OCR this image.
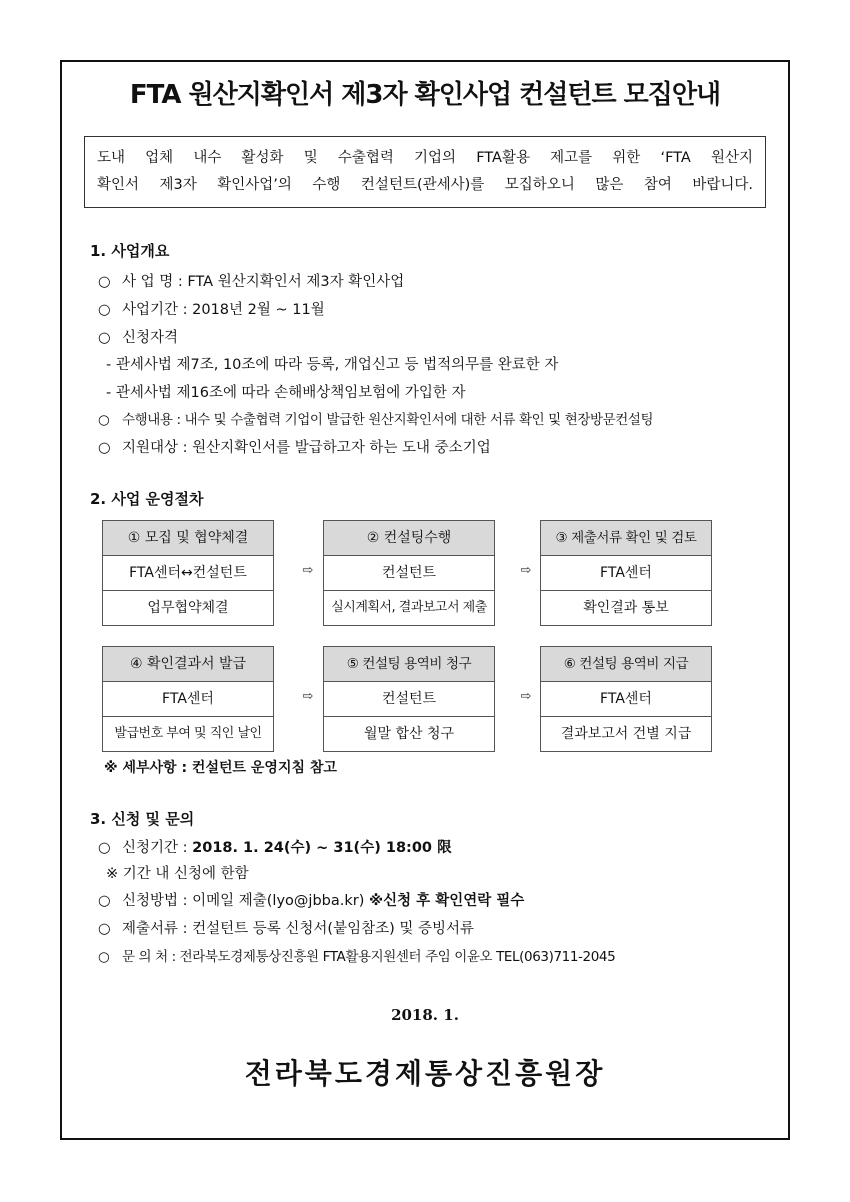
FTA 원산지확인서 제3자 확인사업 컨설턴트 모집안내
도내 업체 내수 활성화 및 수출협력 기업의 FTA활용 제고를 위한 ‘FTA 원산지
확인서 제3자 확인사업’의 수행 컨설턴트(관세사)를 모집하오니 많은 참여 바랍니다.
1. 사업개요
○ 사 업 명 : FTA 원산지확인서 제3자 확인사업
○ 사업기간 : 2018년 2월 ~ 11월
○ 신청자격
- 관세사법 제7조, 10조에 따라 등록, 개업신고 등 법적의무를 완료한 자
- 관세사법 제16조에 따라 손해배상책임보험에 가입한 자
○ 수행내용 : 내수 및 수출협력 기업이 발급한 원산지확인서에 대한 서류 확인 및 현장방문컨설팅
○ 지원대상 : 원산지확인서를 발급하고자 하는 도내 중소기업
2. 사업 운영절차
① 모집 및 협약체결
FTA센터↔컨설턴트
업무협약체결
⇨
② 컨설팅수행
컨설턴트
실시계획서, 결과보고서 제출
⇨
③ 제출서류 확인 및 검토
FTA센터
확인결과 통보
④ 확인결과서 발급
FTA센터
발급번호 부여 및 직인 날인
⇨
⑤ 컨설팅 용역비 청구
컨설턴트
월말 합산 청구
⇨
⑥ 컨설팅 용역비 지급
FTA센터
결과보고서 건별 지급
※ 세부사항 : 컨설턴트 운영지침 참고
3. 신청 및 문의
○ 신청기간 : 2018. 1. 24(수) ~ 31(수) 18:00 限
※ 기간 내 신청에 한함
○ 신청방법 : 이메일 제출(lyo@jbba.kr) ※신청 후 확인연락 필수
○ 제출서류 : 컨설턴트 등록 신청서(붙임참조) 및 증빙서류
○ 문 의 처 : 전라북도경제통상진흥원 FTA활용지원센터 주임 이윤오 TEL(063)711-2045
2018. 1.
전라북도경제통상진흥원장
